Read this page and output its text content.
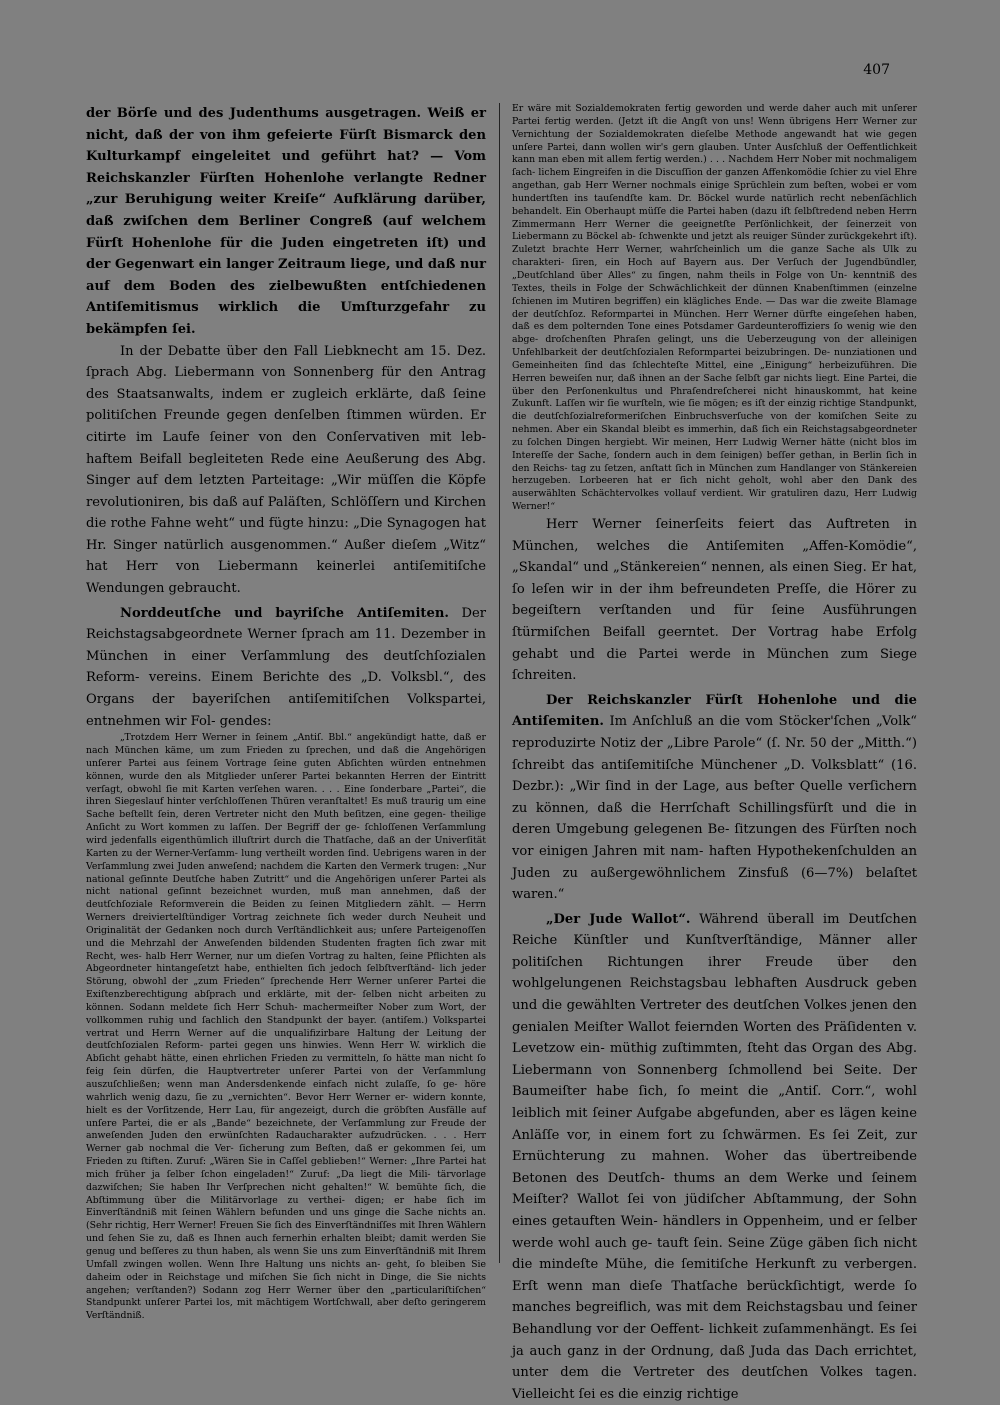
407

der Börſe und des Judenthums ausgetragen. Weiß er nicht, daß der von ihm gefeierte Fürſt Bismarck den Kulturkampf eingeleitet und geführt hat? — Vom Reichskanzler Fürſten Hohenlohe verlangte Redner „zur Beruhigung weiter Kreiſe“ Aufklärung darüber, daß zwiſchen dem Berliner Congreß (auf welchem Fürſt Hohenlohe für die Juden eingetreten iſt) und der Gegenwart ein langer Zeitraum liege, und daß nur auf dem Boden des zielbewußten entſchiedenen Antiſemitismus wirklich die Umſturzgefahr zu bekämpfen ſei.

In der Debatte über den Fall Liebknecht am 15. Dez. ſprach Abg. Liebermann von Sonnenberg für den Antrag des Staatsanwalts, indem er zugleich erklärte, daß ſeine politiſchen Freunde gegen denſelben ſtimmen würden. Er citirte im Laufe ſeiner von den Conſervativen mit leb- haftem Beifall begleiteten Rede eine Aeußerung des Abg. Singer auf dem letzten Parteitage: „Wir müſſen die Köpfe revolutioniren, bis daß auf Paläſten, Schlöſſern und Kirchen die rothe Fahne weht“ und fügte hinzu: „Die Synagogen hat Hr. Singer natürlich ausgenommen.“ Außer dieſem „Witz“ hat Herr von Liebermann keinerlei antiſemitiſche Wendungen gebraucht.

Norddeutſche und bayriſche Antiſemiten. Der Reichstagsabgeordnete Werner ſprach am 11. Dezember in München in einer Verſammlung des deutſchſozialen Reform- vereins. Einem Berichte des „D. Volksbl.“, des Organs der bayeriſchen antiſemitiſchen Volkspartei, entnehmen wir Fol- gendes:

„Trotzdem Herr Werner in ſeinem „Antiſ. Bbl.“ angekündigt hatte, daß er nach München käme, um zum Frieden zu ſprechen, und daß die Angehörigen unſerer Partei aus ſeinem Vortrage ſeine guten Abſichten würden entnehmen können, wurde den als Mitglieder unſerer Partei bekannten Herren der Eintritt verſagt, obwohl ſie mit Karten verſehen waren. . . . Eine ſonderbare „Partei“, die ihren Siegeslauf hinter verſchloſſenen Thüren veranſtaltet! Es muß traurig um eine Sache beſtellt ſein, deren Vertreter nicht den Muth beſitzen, eine gegen- theilige Anſicht zu Wort kommen zu laſſen. Der Begriff der ge- ſchloſſenen Verſammlung wird jedenfalls eigenthümlich illuſtrirt durch die Thatſache, daß an der Univerſität Karten zu der Werner-Verſamm- lung vertheilt worden ſind. Uebrigens waren in der Verſammlung zwei Juden anweſend; nachdem die Karten den Vermerk trugen: „Nur national geſinnte Deutſche haben Zutritt“ und die Angehörigen unſerer Partei als nicht national geſinnt bezeichnet wurden, muß man annehmen, daß der deutſchſoziale Reformverein die Beiden zu ſeinen Mitgliedern zählt. — Herrn Werners dreiviertelſtündiger Vortrag zeichnete ſich weder durch Neuheit und Originalität der Gedanken noch durch Verſtändlichkeit aus; unſere Parteigenoſſen und die Mehrzahl der Anweſenden bildenden Studenten fragten ſich zwar mit Recht, wes- halb Herr Werner, nur um dieſen Vortrag zu halten, ſeine Pflichten als Abgeordneter hintangeſetzt habe, enthielten ſich jedoch ſelbſtverſtänd- lich jeder Störung, obwohl der „zum Frieden“ ſprechende Herr Werner unſerer Partei die Exiſtenzberechtigung abſprach und erklärte, mit der- ſelben nicht arbeiten zu können. Sodann meldete ſich Herr Schuh- machermeiſter Nober zum Wort, der vollkommen ruhig und ſachlich den Standpunkt der bayer. (antiſem.) Volkspartei vertrat und Herrn Werner auf die unqualifizirbare Haltung der Leitung der deutſchſozialen Reform- partei gegen uns hinwies. Wenn Herr W. wirklich die Abſicht gehabt hätte, einen ehrlichen Frieden zu vermitteln, ſo hätte man nicht ſo feig ſein dürfen, die Hauptvertreter unſerer Partei von der Verſammlung auszuſchließen; wenn man Andersdenkende einfach nicht zulaſſe, ſo ge- höre wahrlich wenig dazu, ſie zu „vernichten“. Bevor Herr Werner er- widern konnte, hielt es der Vorſitzende, Herr Lau, für angezeigt, durch die gröbſten Ausfälle auf unſere Partei, die er als „Bande“ bezeichnete, der Verſammlung zur Freude der anweſenden Juden den erwünſchten Radaucharakter aufzudrücken. . . . Herr Werner gab nochmal die Ver- ſicherung zum Beſten, daß er gekommen ſei, um Frieden zu ſtiften. Zuruf: „Wären Sie in Caſſel geblieben!“ Werner: „Ihre Partei hat mich früher ja ſelber ſchon eingeladen!“ Zuruf: „Da liegt die Mili- tärvorlage dazwiſchen; Sie haben Ihr Verſprechen nicht gehalten!“ W. bemühte ſich, die Abſtimmung über die Militärvorlage zu verthei- digen; er habe ſich im Einverſtändniß mit ſeinen Wählern befunden und uns ginge die Sache nichts an. (Sehr richtig, Herr Werner! Freuen Sie ſich des Einverſtändniſſes mit Ihren Wählern und ſehen Sie zu, daß es Ihnen auch fernerhin erhalten bleibt; damit werden Sie genug und beſſeres zu thun haben, als wenn Sie uns zum Einverſtändniß mit Ihrem Umfall zwingen wollen. Wenn Ihre Haltung uns nichts an- geht, ſo bleiben Sie daheim oder in Reichstage und miſchen Sie ſich nicht in Dinge, die Sie nichts angehen; verſtanden?) Sodann zog Herr Werner über den „particulariſtiſchen“ Standpunkt unſerer Partei los, mit mächtigem Wortſchwall, aber deſto geringerem Verſtändniß.

Er wäre mit Sozialdemokraten fertig geworden und werde daher auch mit unſerer Partei fertig werden. (Jetzt iſt die Angſt von uns! Wenn übrigens Herr Werner zur Vernichtung der Sozialdemokraten dieſelbe Methode angewandt hat wie gegen unſere Partei, dann wollen wir's gern glauben. Unter Ausſchluß der Oeffentlichkeit kann man eben mit allem fertig werden.) . . . Nachdem Herr Nober mit nochmaligem ſach- lichem Eingreifen in die Discuſſion der ganzen Affenkomödie ſchier zu viel Ehre angethan, gab Herr Werner nochmals einige Sprüchlein zum beſten, wobei er vom hundertſten ins tauſendſte kam. Dr. Böckel wurde natürlich recht nebenſächlich behandelt. Ein Oberhaupt müſſe die Partei haben (dazu iſt ſelbſtredend neben Herrn Zimmermann Herr Werner die geeignetſte Perſönlichkeit, der ſeinerzeit von Liebermann zu Böckel ab- ſchwenkte und jetzt als reuiger Sünder zurückgekehrt iſt). Zuletzt brachte Herr Werner, wahrſcheinlich um die ganze Sache als Ulk zu charakteri- ſiren, ein Hoch auf Bayern aus. Der Verſuch der Jugendbündler, „Deutſchland über Alles“ zu ſingen, nahm theils in Folge von Un- kenntniß des Textes, theils in Folge der Schwächlichkeit der dünnen Knabenſtimmen (einzelne ſchienen im Mutiren begriffen) ein klägliches Ende. — Das war die zweite Blamage der deutſchſoz. Reformpartei in München. Herr Werner dürfte eingeſehen haben, daß es dem polternden Tone eines Potsdamer Gardeunteroffiziers ſo wenig wie den abge- droſchenſten Phraſen gelingt, uns die Ueberzeugung von der alleinigen Unfehlbarkeit der deutſchſozialen Reformpartei beizubringen. De- nunziationen und Gemeinheiten ſind das ſchlechteſte Mittel, eine „Einigung“ herbeizuführen. Die Herren beweiſen nur, daß ihnen an der Sache ſelbſt gar nichts liegt. Eine Partei, die über den Perſonenkultus und Phraſendreſcherei nicht hinauskommt, hat keine Zukunft. Laſſen wir ſie wurſteln, wie ſie mögen; es iſt der einzig richtige Standpunkt, die deutſchſozialreformeriſchen Einbruchsverſuche von der komiſchen Seite zu nehmen. Aber ein Skandal bleibt es immerhin, daß ſich ein Reichstagsabgeordneter zu ſolchen Dingen hergiebt. Wir meinen, Herr Ludwig Werner hätte (nicht blos im Intereſſe der Sache, ſondern auch in dem ſeinigen) beſſer gethan, in Berlin ſich in den Reichs- tag zu ſetzen, anſtatt ſich in München zum Handlanger von Stänkereien herzugeben. Lorbeeren hat er ſich nicht geholt, wohl aber den Dank des auserwählten Schächtervolkes vollauf verdient. Wir gratuliren dazu, Herr Ludwig Werner!“

Herr Werner ſeinerſeits feiert das Auftreten in München, welches die Antiſemiten „Affen-Komödie“, „Skandal“ und „Stänkereien“ nennen, als einen Sieg. Er hat, ſo leſen wir in der ihm befreundeten Preſſe, die Hörer zu begeiſtern verſtanden und für ſeine Ausführungen ſtürmiſchen Beifall geerntet. Der Vortrag habe Erfolg gehabt und die Partei werde in München zum Siege ſchreiten.

Der Reichskanzler Fürſt Hohenlohe und die Antiſemiten. Im Anſchluß an die vom Stöcker'ſchen „Volk“ reproduzirte Notiz der „Libre Parole“ (ſ. Nr. 50 der „Mitth.“) ſchreibt das antiſemitiſche Münchener „D. Volksblatt“ (16. Dezbr.): „Wir ſind in der Lage, aus beſter Quelle verſichern zu können, daß die Herrſchaft Schillingsfürſt und die in deren Umgebung gelegenen Be- ſitzungen des Fürſten noch vor einigen Jahren mit nam- haften Hypothekenſchulden an Juden zu außergewöhnlichem Zinsfuß (6—7%) belaſtet waren.“

„Der Jude Wallot“. Während überall im Deutſchen Reiche Künſtler und Kunſtverſtändige, Männer aller politiſchen Richtungen ihrer Freude über den wohlgelungenen Reichstagsbau lebhaften Ausdruck geben und die gewählten Vertreter des deutſchen Volkes jenen den genialen Meiſter Wallot feiernden Worten des Präſidenten v. Levetzow ein- müthig zuſtimmten, ſteht das Organ des Abg. Liebermann von Sonnenberg ſchmollend bei Seite. Der Baumeiſter habe ſich, ſo meint die „Antiſ. Corr.“, wohl leiblich mit ſeiner Aufgabe abgefunden, aber es lägen keine Anläſſe vor, in einem fort zu ſchwärmen. Es ſei Zeit, zur Ernüchterung zu mahnen. Woher das übertreibende Betonen des Deutſch- thums an dem Werke und ſeinem Meiſter? Wallot ſei von jüdiſcher Abſtammung, der Sohn eines getauften Wein- händlers in Oppenheim, und er ſelber werde wohl auch ge- tauft ſein. Seine Züge gäben ſich nicht die mindeſte Mühe, die ſemitiſche Herkunft zu verbergen. Erſt wenn man dieſe Thatſache berückſichtigt, werde ſo manches begreiflich, was mit dem Reichstagsbau und ſeiner Behandlung vor der Oeffent- lichkeit zuſammenhängt. Es ſei ja auch ganz in der Ordnung, daß Juda das Dach errichtet, unter dem die Vertreter des deutſchen Volkes tagen. Vielleicht ſei es die einzig richtige
